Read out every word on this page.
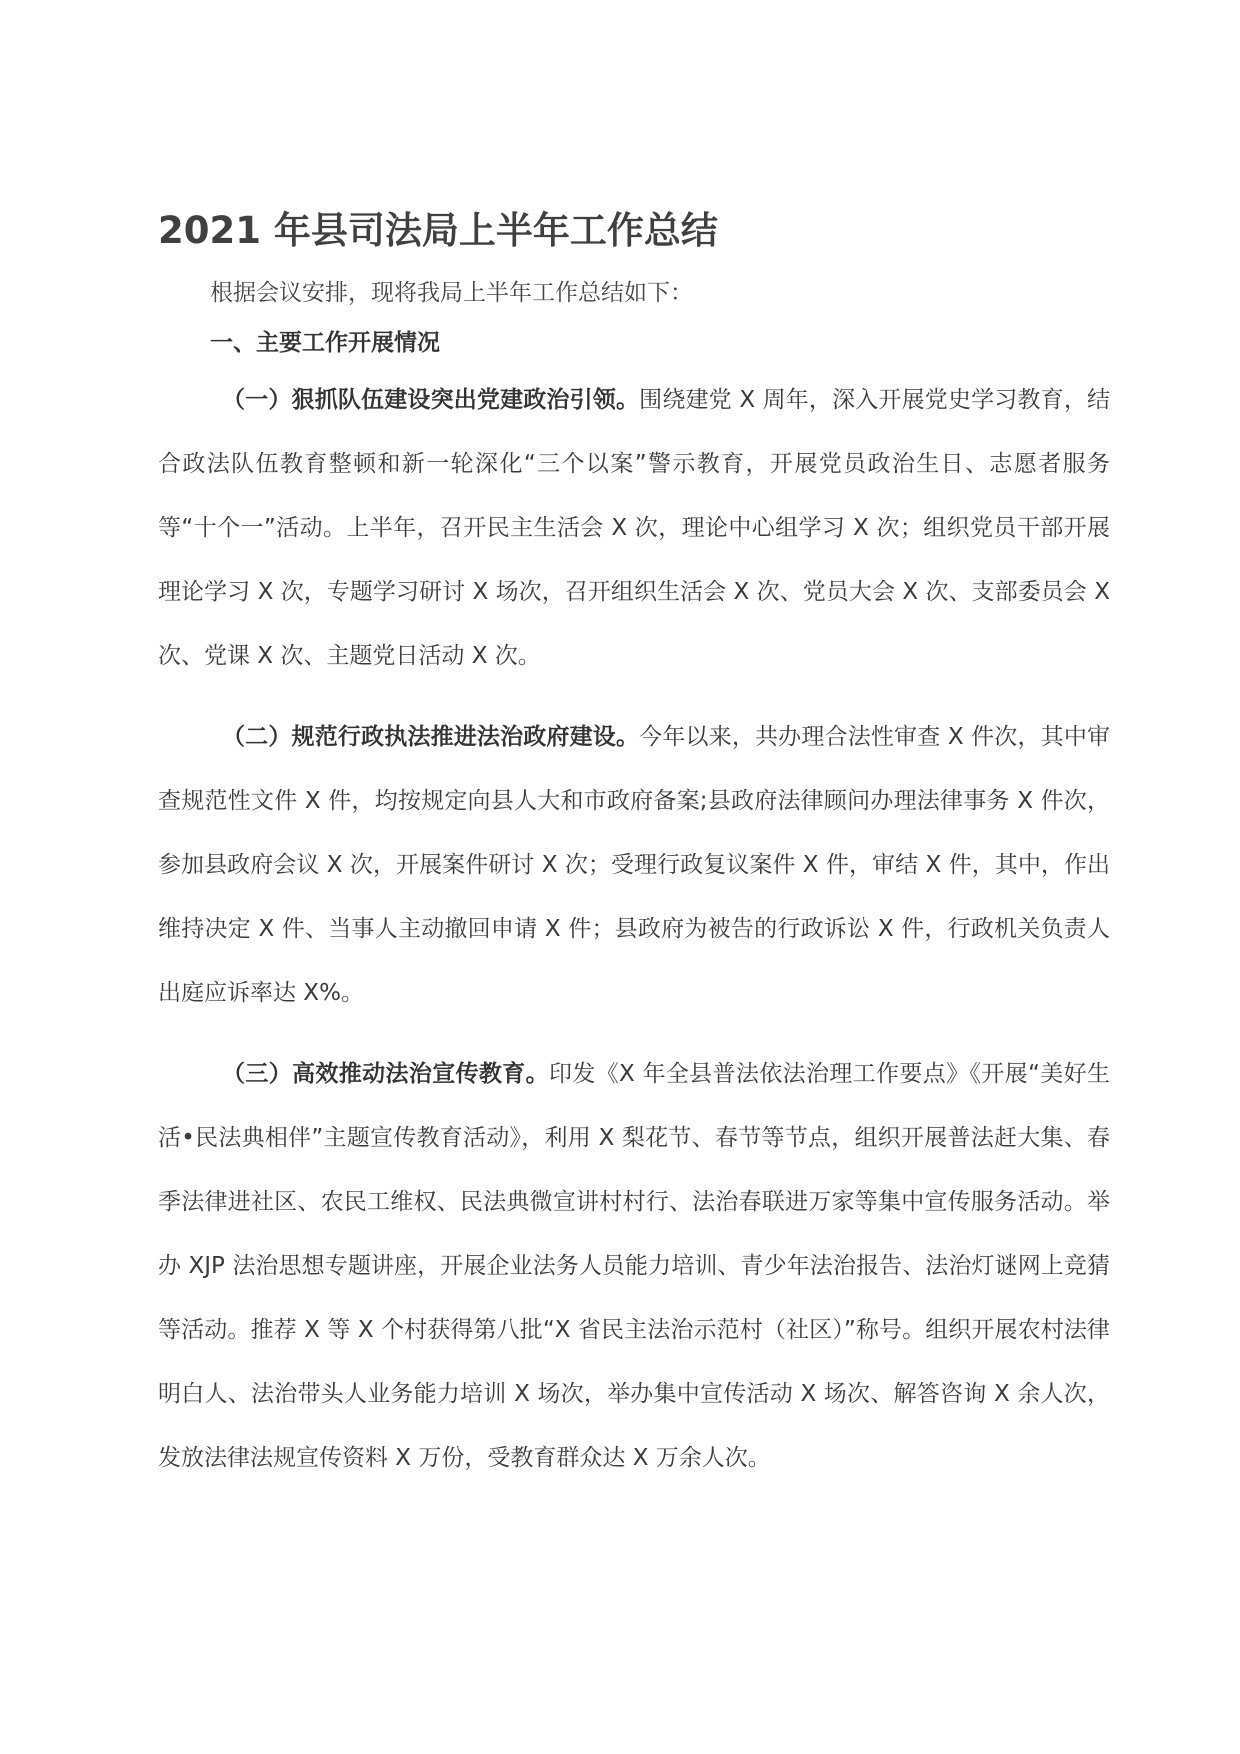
2021 年县司法局上半年工作总结

根据会议安排，现将我局上半年工作总结如下：

一、主要工作开展情况

（一）狠抓队伍建设突出党建政治引领。围绕建党 X 周年，深入开展党史学习教育，结合政法队伍教育整顿和新一轮深化“三个以案”警示教育，开展党员政治生日、志愿者服务等“十个一”活动。上半年，召开民主生活会 X 次，理论中心组学习 X 次；组织党员干部开展理论学习 X 次，专题学习研讨 X 场次，召开组织生活会 X 次、党员大会 X 次、支部委员会 X 次、党课 X 次、主题党日活动 X 次。

（二）规范行政执法推进法治政府建设。今年以来，共办理合法性审查 X 件次，其中审查规范性文件 X 件，均按规定向县人大和市政府备案;县政府法律顾问办理法律事务 X 件次，参加县政府会议 X 次，开展案件研讨 X 次；受理行政复议案件 X 件，审结 X 件，其中，作出维持决定 X 件、当事人主动撤回申请 X 件；县政府为被告的行政诉讼 X 件，行政机关负责人出庭应诉率达 X%。

（三）高效推动法治宣传教育。印发《X 年全县普法依法治理工作要点》《开展“美好生活•民法典相伴”主题宣传教育活动》，利用 X 梨花节、春节等节点，组织开展普法赶大集、春季法律进社区、农民工维权、民法典微宣讲村村行、法治春联进万家等集中宣传服务活动。举办 XJP 法治思想专题讲座，开展企业法务人员能力培训、青少年法治报告、法治灯谜网上竞猜等活动。推荐 X 等 X 个村获得第八批“X 省民主法治示范村（社区）”称号。组织开展农村法律明白人、法治带头人业务能力培训 X 场次，举办集中宣传活动 X 场次、解答咨询 X 余人次，发放法律法规宣传资料 X 万份，受教育群众达 X 万余人次。
